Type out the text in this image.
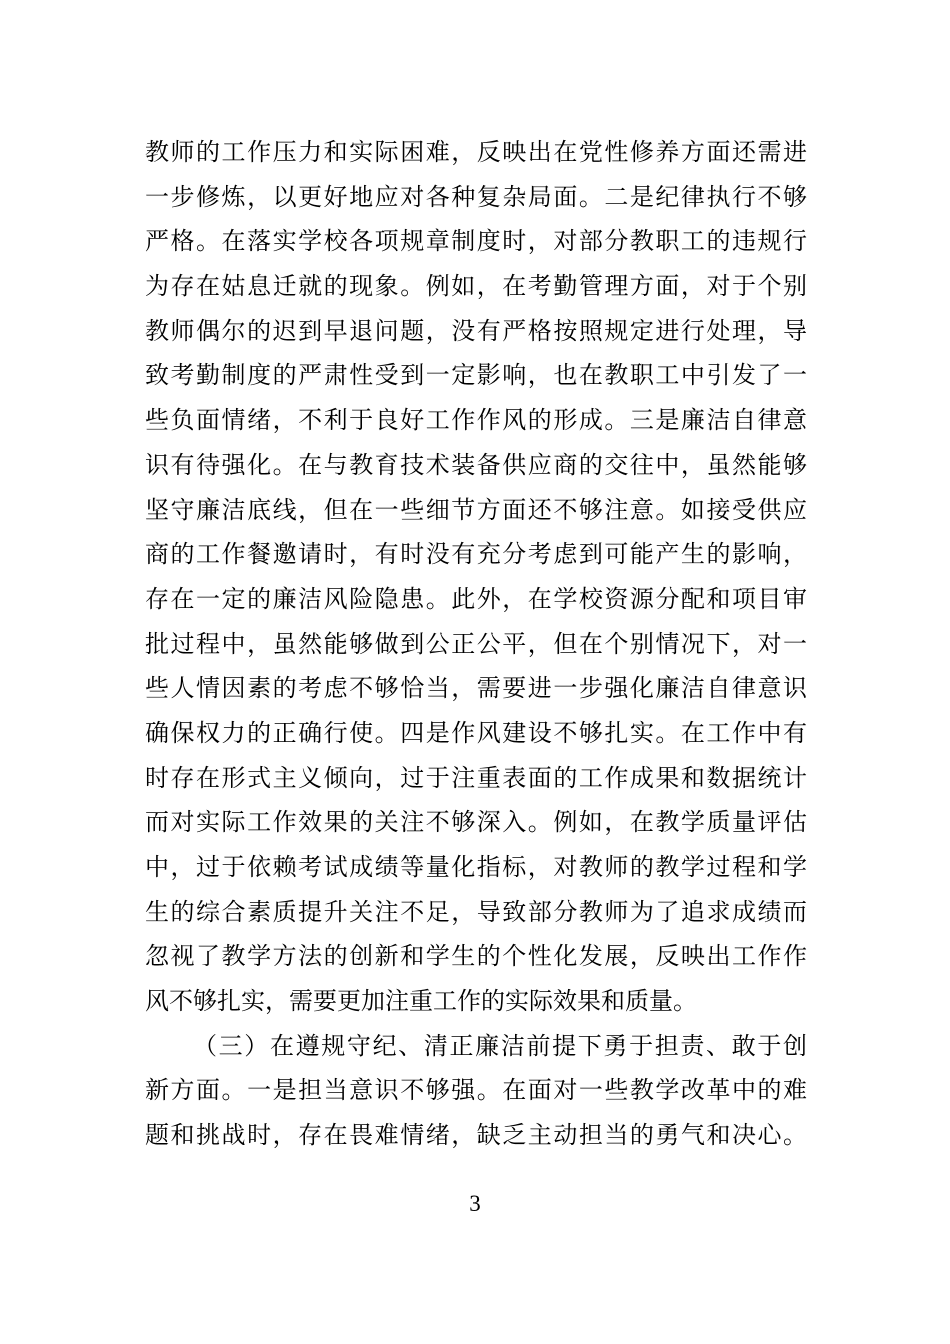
教师的工作压力和实际困难，反映出在党性修养方面还需进
一步修炼，以更好地应对各种复杂局面。二是纪律执行不够
严格。在落实学校各项规章制度时，对部分教职工的违规行
为存在姑息迁就的现象。例如，在考勤管理方面，对于个别
教师偶尔的迟到早退问题，没有严格按照规定进行处理，导
致考勤制度的严肃性受到一定影响，也在教职工中引发了一
些负面情绪，不利于良好工作作风的形成。三是廉洁自律意
识有待强化。在与教育技术装备供应商的交往中，虽然能够
坚守廉洁底线，但在一些细节方面还不够注意。如接受供应
商的工作餐邀请时，有时没有充分考虑到可能产生的影响，
存在一定的廉洁风险隐患。此外，在学校资源分配和项目审
批过程中，虽然能够做到公正公平，但在个别情况下，对一
些人情因素的考虑不够恰当，需要进一步强化廉洁自律意识
确保权力的正确行使。四是作风建设不够扎实。在工作中有
时存在形式主义倾向，过于注重表面的工作成果和数据统计
而对实际工作效果的关注不够深入。例如，在教学质量评估
中，过于依赖考试成绩等量化指标，对教师的教学过程和学
生的综合素质提升关注不足，导致部分教师为了追求成绩而
忽视了教学方法的创新和学生的个性化发展，反映出工作作
风不够扎实，需要更加注重工作的实际效果和质量。
（三）在遵规守纪、清正廉洁前提下勇于担责、敢于创
新方面。一是担当意识不够强。在面对一些教学改革中的难
题和挑战时，存在畏难情绪，缺乏主动担当的勇气和决心。
3
